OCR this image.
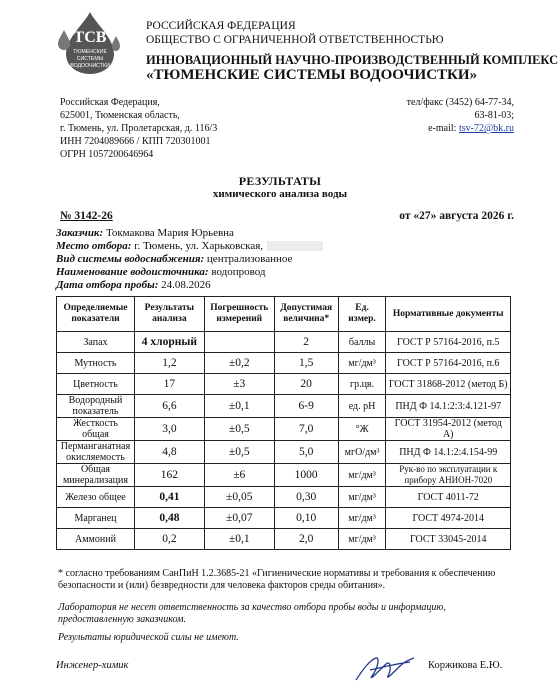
ТСВ
ТЮМЕНСКИЕ
СИСТЕМЫ
ВОДООЧИСТКИ
РОССИЙСКАЯ ФЕДЕРАЦИЯ
ОБЩЕСТВО С ОГРАНИЧЕННОЙ ОТВЕТСТВЕННОСТЬЮ
ИННОВАЦИОННЫЙ НАУЧНО-ПРОИЗВОДСТВЕННЫЙ КОМПЛЕКС
«ТЮМЕНСКИЕ СИСТЕМЫ ВОДООЧИСТКИ»
Российская Федерация,
625001, Тюменская область,
г. Тюмень, ул. Пролетарская, д. 116/3
ИНН 7204089666 / КПП 720301001
ОГРН 1057200646964
тел/факс (3452) 64-77-34,
63-81-03;
e-mail: tsv-72@bk.ru
РЕЗУЛЬТАТЫ
химического анализа воды
№ 3142-26	от «27» августа 2026 г.
Заказчик: Токмакова Мария Юрьевна
Место отбора: г. Тюмень, ул. Харьковская,
Вид системы водоснабжения: централизованное
Наименование водоисточника: водопровод
Дата отбора пробы: 24.08.2026
Определяемые показатели	Результаты анализа	Погрешность измерений	Допустимая величина*	Ед. измер.	Нормативные документы
Запах	4 хлорный		2	баллы	ГОСТ Р 57164-2016, п.5
Мутность	1,2	±0,2	1,5	мг/дм³	ГОСТ Р 57164-2016, п.6
Цветность	17	±3	20	гр.цв.	ГОСТ 31868-2012 (метод Б)
Водородный показатель	6,6	±0,1	6-9	ед. pH	ПНД Ф 14.1:2:3:4.121-97
Жесткость общая	3,0	±0,5	7,0	°Ж	ГОСТ 31954-2012 (метод А)
Перманганатная окисляемость	4,8	±0,5	5,0	мгО/дм³	ПНД Ф 14.1:2:4.154-99
Общая минерализация	162	±6	1000	мг/дм³	Рук-во по эксплуатации к прибору АНИОН-7020
Железо общее	0,41	±0,05	0,30	мг/дм³	ГОСТ 4011-72
Марганец	0,48	±0,07	0,10	мг/дм³	ГОСТ 4974-2014
Аммоний	0,2	±0,1	2,0	мг/дм³	ГОСТ 33045-2014
* согласно требованиям СанПиН 1.2.3685-21 «Гигиенические нормативы и требования к обеспечению безопасности и (или) безвредности для человека факторов среды обитания».
Лаборатория не несет ответственность за качество отбора пробы воды и информацию, предоставленную заказчиком.
Результаты юридической силы не имеют.
Инженер-химик	Коржикова Е.Ю.
